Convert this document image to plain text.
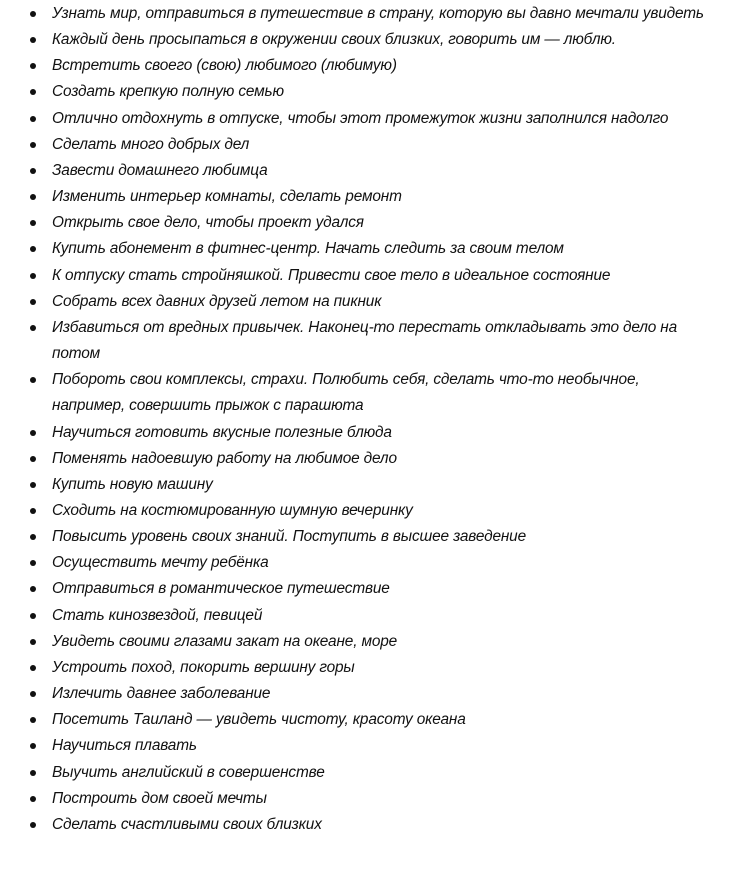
Узнать мир, отправиться в путешествие в страну, которую вы давно мечтали увидеть
Каждый день просыпаться в окружении своих близких, говорить им — люблю.
Встретить своего (свою) любимого (любимую)
Создать крепкую полную семью
Отлично отдохнуть в отпуске, чтобы этот промежуток жизни заполнился надолго
Сделать много добрых дел
Завести домашнего любимца
Изменить интерьер комнаты, сделать ремонт
Открыть свое дело, чтобы проект удался
Купить абонемент в фитнес-центр. Начать следить за своим телом
К отпуску стать стройняшкой. Привести свое тело в идеальное состояние
Собрать всех давних друзей летом на пикник
Избавиться от вредных привычек. Наконец-то перестать откладывать это дело на потом
Побороть свои комплексы, страхи. Полюбить себя, сделать что-то необычное, например, совершить прыжок с парашюта
Научиться готовить вкусные полезные блюда
Поменять надоевшую работу на любимое дело
Купить новую машину
Сходить на костюмированную шумную вечеринку
Повысить уровень своих знаний. Поступить в высшее заведение
Осуществить мечту ребёнка
Отправиться в романтическое путешествие
Стать кинозвездой, певицей
Увидеть своими глазами закат на океане, море
Устроить поход, покорить вершину горы
Излечить давнее заболевание
Посетить Таиланд — увидеть чистоту, красоту океана
Научиться плавать
Выучить английский в совершенстве
Построить дом своей мечты
Сделать счастливыми своих близких
